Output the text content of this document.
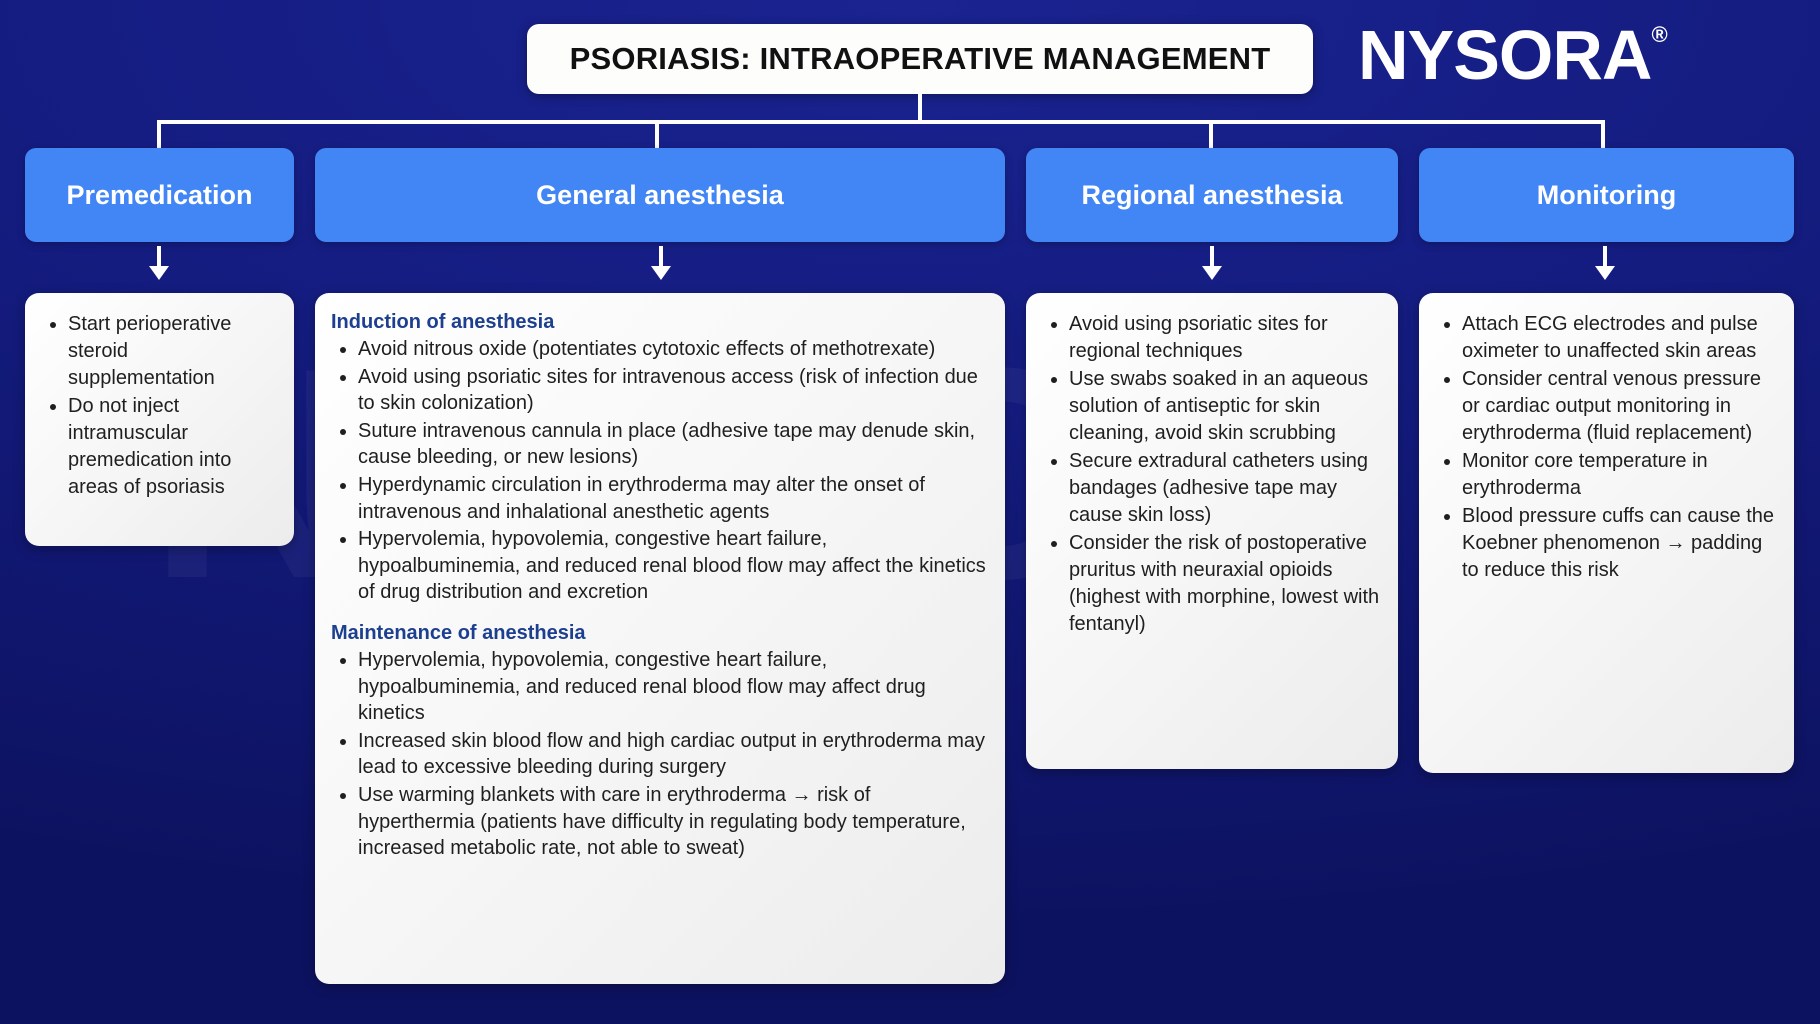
PSORIASIS: INTRAOPERATIVE MANAGEMENT NYSORA ®
Premedication	General anesthesia	Regional anesthesia	Monitoring
Start perioperative steroid supplementation
Do not inject intramuscular premedication into areas of psoriasis
Induction of anesthesia
Avoid nitrous oxide (potentiates cytotoxic effects of methotrexate)
Avoid using psoriatic sites for intravenous access (risk of infection due to skin colonization)
Suture intravenous cannula in place (adhesive tape may denude skin, cause bleeding, or new lesions)
Hyperdynamic circulation in erythroderma may alter the onset of intravenous and inhalational anesthetic agents
Hypervolemia, hypovolemia, congestive heart failure, hypoalbuminemia, and reduced renal blood flow may affect the kinetics of drug distribution and excretion
Maintenance of anesthesia
Hypervolemia, hypovolemia, congestive heart failure, hypoalbuminemia, and reduced renal blood flow may affect drug kinetics
Increased skin blood flow and high cardiac output in erythroderma may lead to excessive bleeding during surgery
Use warming blankets with care in erythroderma → risk of hyperthermia (patients have difficulty in regulating body temperature, increased metabolic rate, not able to sweat)
Avoid using psoriatic sites for regional techniques
Use swabs soaked in an aqueous solution of antiseptic for skin cleaning, avoid skin scrubbing
Secure extradural catheters using bandages (adhesive tape may cause skin loss)
Consider the risk of postoperative pruritus with neuraxial opioids (highest with morphine, lowest with fentanyl)
Attach ECG electrodes and pulse oximeter to unaffected skin areas
Consider central venous pressure or cardiac output monitoring in erythroderma (fluid replacement)
Monitor core temperature in erythroderma
Blood pressure cuffs can cause the Koebner phenomenon → padding to reduce this risk
